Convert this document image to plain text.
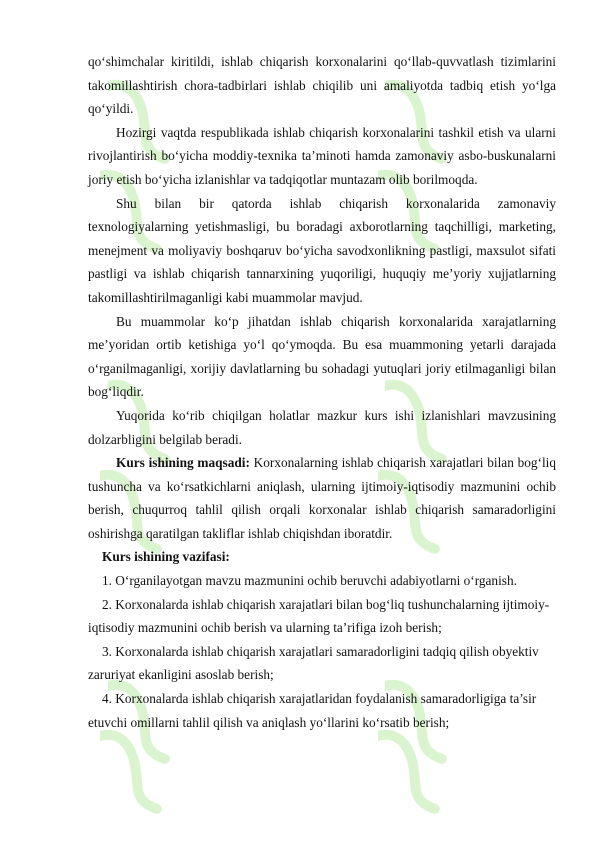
qo‘shimchalar kiritildi, ishlab chiqarish korxonalarini qo‘llab-quvvatlash tizimlarini takomillashtirish chora-tadbirlari ishlab chiqilib uni amaliyotda tadbiq etish yo‘lga qo‘yildi.

Hozirgi vaqtda respublikada ishlab chiqarish korxonalarini tashkil etish va ularni rivojlantirish bo‘yicha moddiy-texnika ta’minoti hamda zamonaviy asbo-buskunalarni joriy etish bo‘yicha izlanishlar va tadqiqotlar muntazam olib borilmoqda.

Shu bilan bir qatorda ishlab chiqarish korxonalarida zamonaviy texnologiyalarning yetishmasligi, bu boradagi axborotlarning taqchilligi, marketing, menejment va moliyaviy boshqaruv bo‘yicha savodxonlikning pastligi, maxsulot sifati pastligi va ishlab chiqarish tannarxining yuqoriligi, huquqiy me’yoriy xujjatlarning takomillashtirilmaganligi kabi muammolar mavjud.

Bu muammolar ko‘p jihatdan ishlab chiqarish korxonalarida xarajatlarning me’yoridan ortib ketishiga yo‘l qo‘ymoqda. Bu esa muammoning yetarli darajada o‘rganilmaganligi, xorijiy davlatlarning bu sohadagi yutuqlari joriy etilmaganligi bilan bog‘liqdir.

Yuqorida ko‘rib chiqilgan holatlar mazkur kurs ishi izlanishlari mavzusining dolzarbligini belgilab beradi.

Kurs ishining maqsadi: Korxonalarning ishlab chiqarish xarajatlari bilan bog‘liq tushuncha va ko‘rsatkichlarni aniqlash, ularning ijtimoiy-iqtisodiy mazmunini ochib berish, chuqurroq tahlil qilish orqali korxonalar ishlab chiqarish samaradorligini oshirishga qaratilgan takliflar ishlab chiqishdan iboratdir.

Kurs ishining vazifasi:

1. O‘rganilayotgan mavzu mazmunini ochib beruvchi adabiyotlarni o‘rganish.

2. Korxonalarda ishlab chiqarish xarajatlari bilan bog‘liq tushunchalarning ijtimoiy-iqtisodiy mazmunini ochib berish va ularning ta’rifiga izoh berish;

3. Korxonalarda ishlab chiqarish xarajatlari samaradorligini tadqiq qilish obyektiv zaruriyat ekanligini asoslab berish;

4. Korxonalarda ishlab chiqarish xarajatlaridan foydalanish samaradorligiga ta’sir etuvchi omillarni tahlil qilish va aniqlash yo‘llarini ko‘rsatib berish;
